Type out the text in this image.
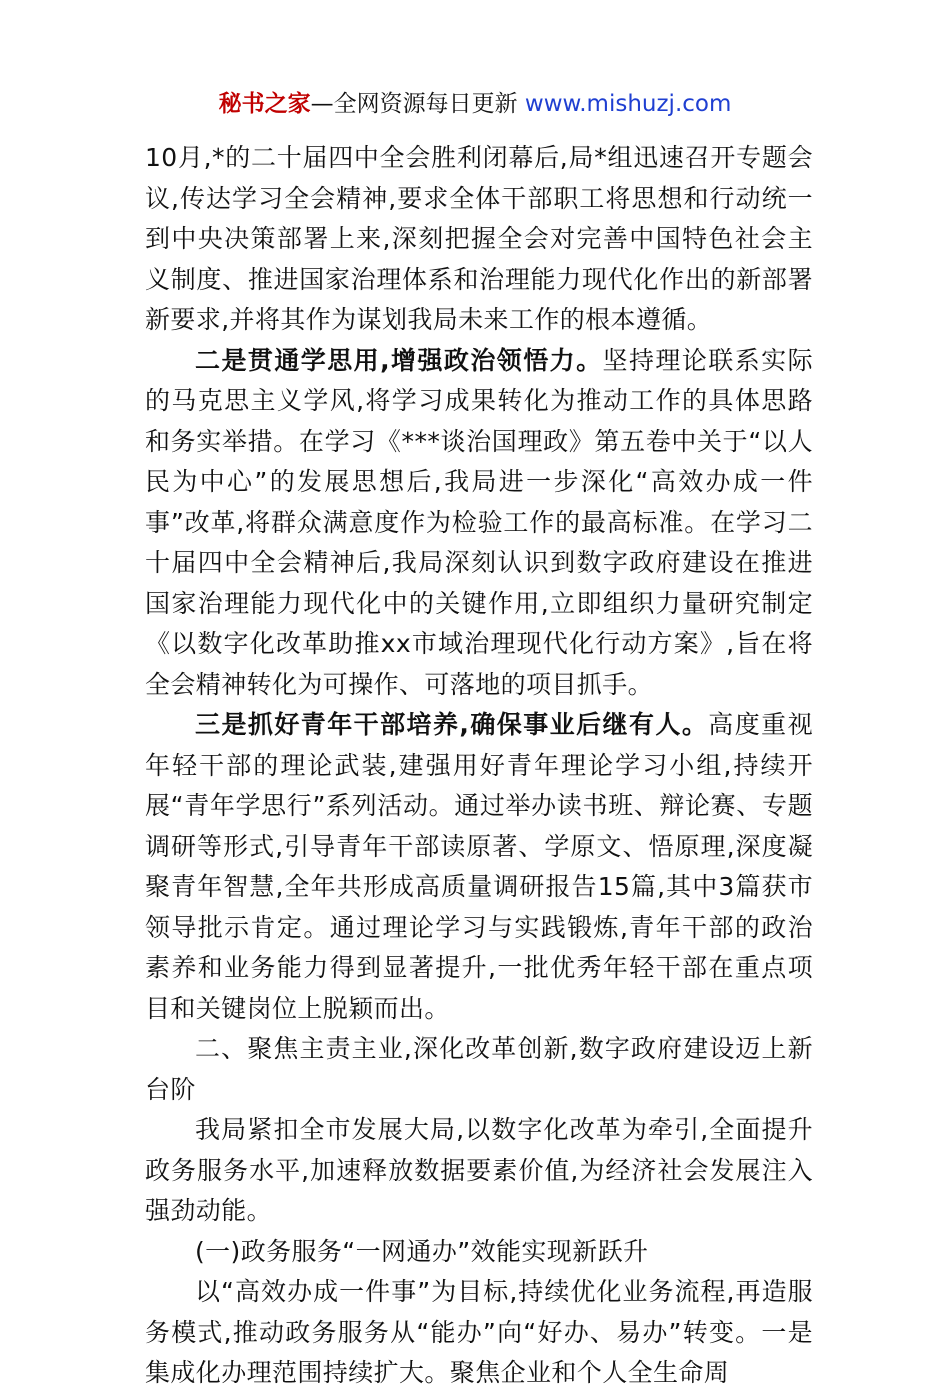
秘书之家—全网资源每日更新 www.mishuzj.com

10月,*的二十届四中全会胜利闭幕后,局*组迅速召开专题会议,传达学习全会精神,要求全体干部职工将思想和行动统一到中央决策部署上来,深刻把握全会对完善中国特色社会主义制度、推进国家治理体系和治理能力现代化作出的新部署新要求,并将其作为谋划我局未来工作的根本遵循。

二是贯通学思用,增强政治领悟力。坚持理论联系实际的马克思主义学风,将学习成果转化为推动工作的具体思路和务实举措。在学习《***谈治国理政》第五卷中关于“以人民为中心”的发展思想后,我局进一步深化“高效办成一件事”改革,将群众满意度作为检验工作的最高标准。在学习二十届四中全会精神后,我局深刻认识到数字政府建设在推进国家治理能力现代化中的关键作用,立即组织力量研究制定《以数字化改革助推xx市域治理现代化行动方案》,旨在将全会精神转化为可操作、可落地的项目抓手。

三是抓好青年干部培养,确保事业后继有人。高度重视年轻干部的理论武装,建强用好青年理论学习小组,持续开展“青年学思行”系列活动。通过举办读书班、辩论赛、专题调研等形式,引导青年干部读原著、学原文、悟原理,深度凝聚青年智慧,全年共形成高质量调研报告15篇,其中3篇获市领导批示肯定。通过理论学习与实践锻炼,青年干部的政治素养和业务能力得到显著提升,一批优秀年轻干部在重点项目和关键岗位上脱颖而出。

二、聚焦主责主业,深化改革创新,数字政府建设迈上新台阶

我局紧扣全市发展大局,以数字化改革为牵引,全面提升政务服务水平,加速释放数据要素价值,为经济社会发展注入强劲动能。

(一)政务服务“一网通办”效能实现新跃升

以“高效办成一件事”为目标,持续优化业务流程,再造服务模式,推动政务服务从“能办”向“好办、易办”转变。一是集成化办理范围持续扩大。聚焦企业和个人全生命周
